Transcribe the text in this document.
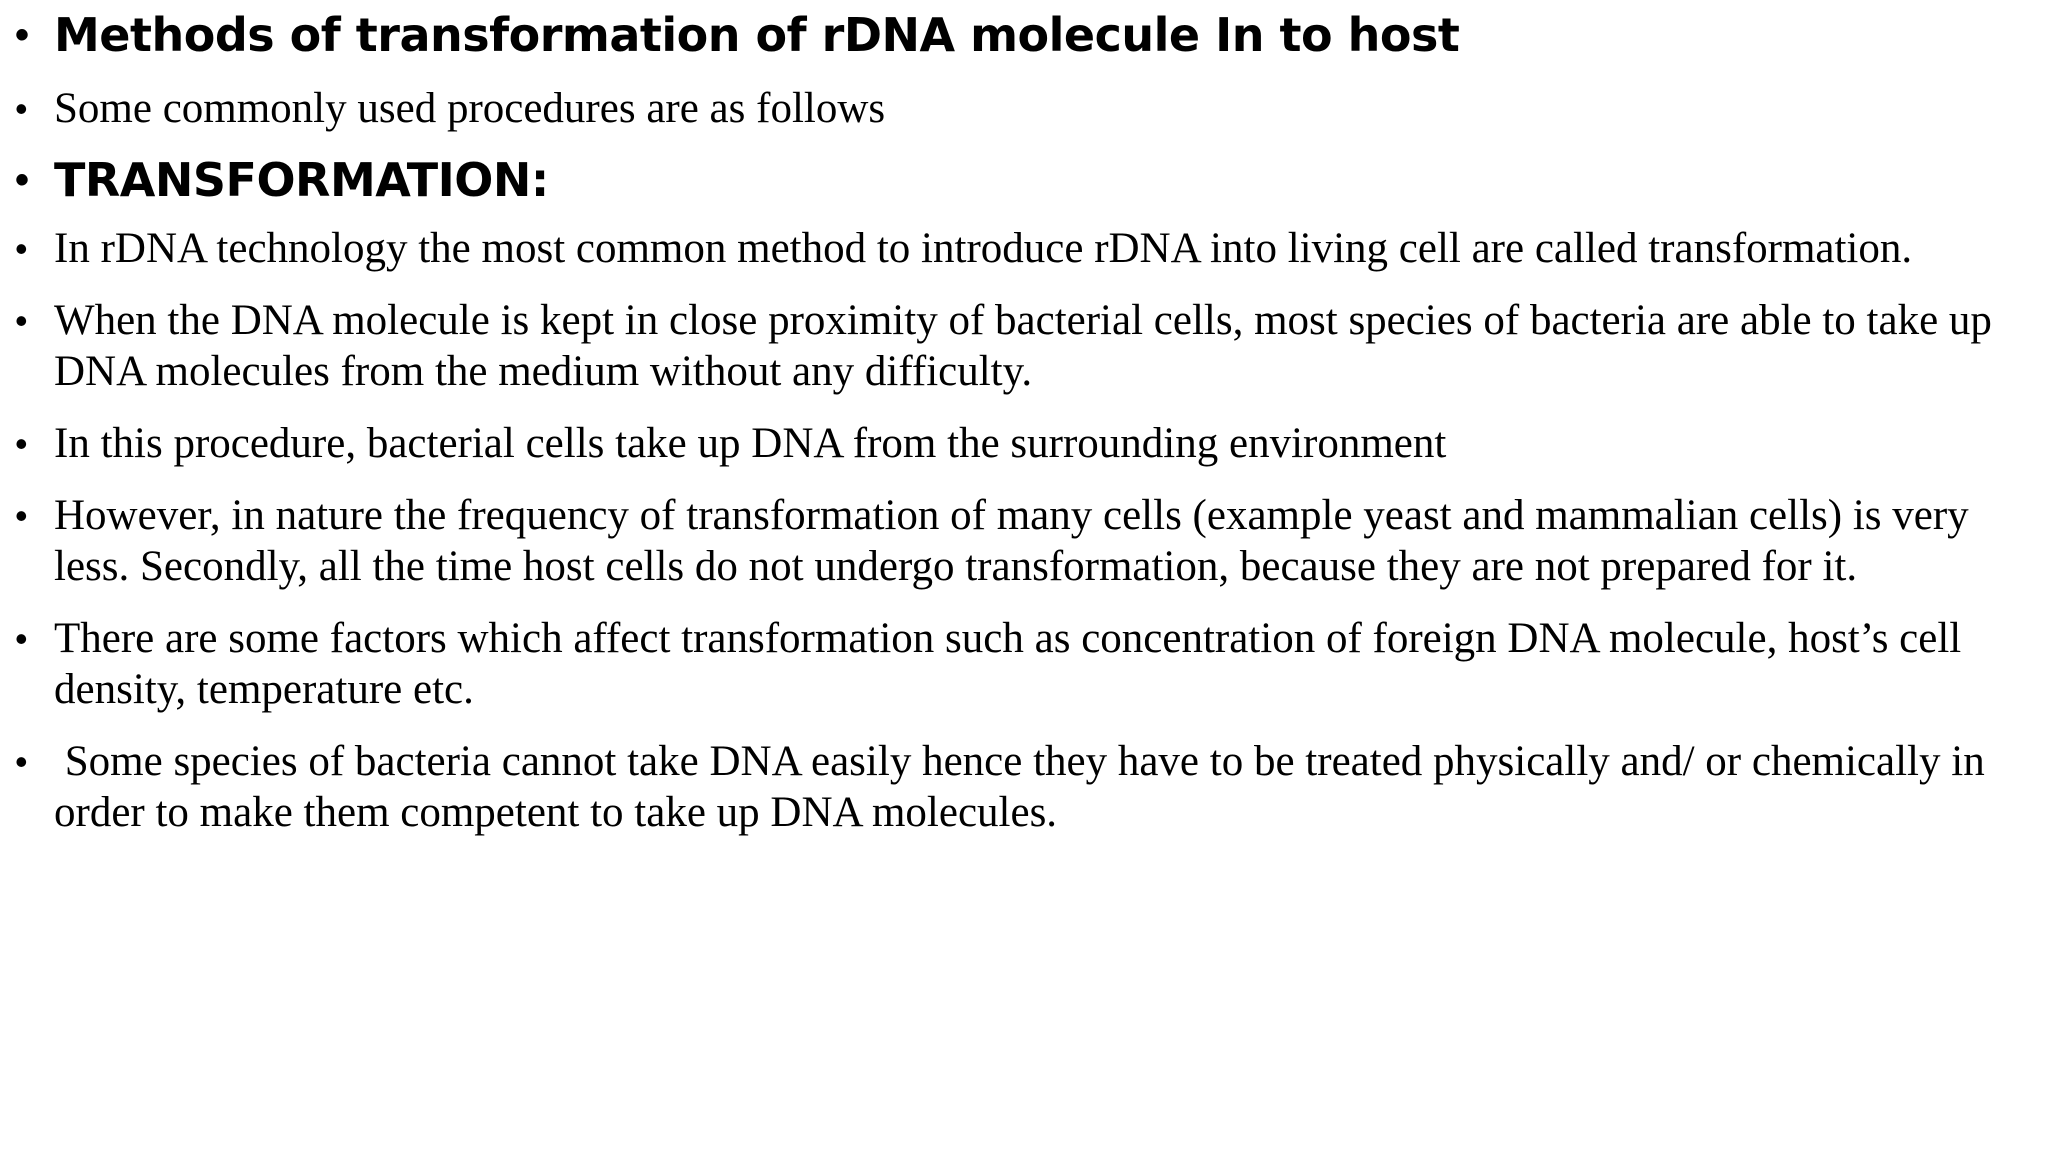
• Methods of transformation of rDNA molecule In to host
• Some commonly used procedures are as follows
• TRANSFORMATION:
• In rDNA technology the most common method to introduce rDNA into living cell are called transformation.
• When the DNA molecule is kept in close proximity of bacterial cells, most species of bacteria are able to take up DNA molecules from the medium without any difficulty.
• In this procedure, bacterial cells take up DNA from the surrounding environment
• However, in nature the frequency of transformation of many cells (example yeast and mammalian cells) is very less. Secondly, all the time host cells do not undergo transformation, because they are not prepared for it.
• There are some factors which affect transformation such as concentration of foreign DNA molecule, host’s cell density, temperature etc.
•  Some species of bacteria cannot take DNA easily hence they have to be treated physically and/ or chemically in order to make them competent to take up DNA molecules.
